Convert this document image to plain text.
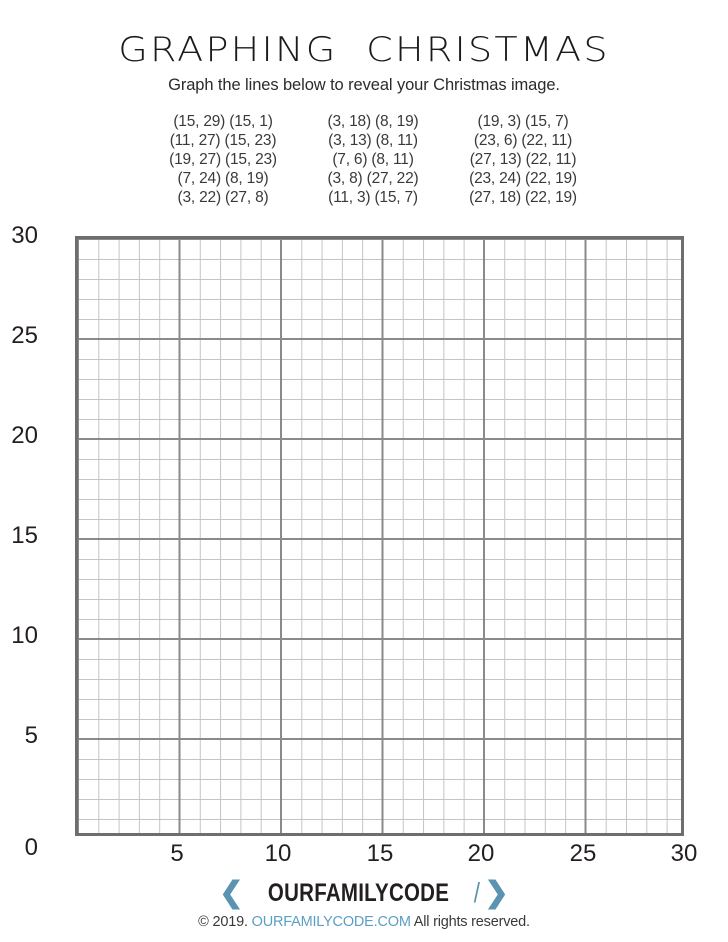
GRAPHING  CHRISTMAS
Graph the lines below to reveal your Christmas image.
(15, 29) (15, 1)
(11, 27) (15, 23)
(19, 27) (15, 23)
(7, 24) (8, 19)
(3, 22) (27, 8)
(3, 18) (8, 19)
(3, 13) (8, 11)
(7, 6) (8, 11)
(3, 8) (27, 22)
(11, 3) (15, 7)
(19, 3) (15, 7)
(23, 6) (22, 11)
(27, 13) (22, 11)
(23, 24) (22, 19)
(27, 18) (22, 19)
30
25
20
15
10
5
0	5	10	15	20	25	30
❮ OURFAMILYCODE / ❯
© 2019. OURFAMILYCODE.COM All rights reserved.
